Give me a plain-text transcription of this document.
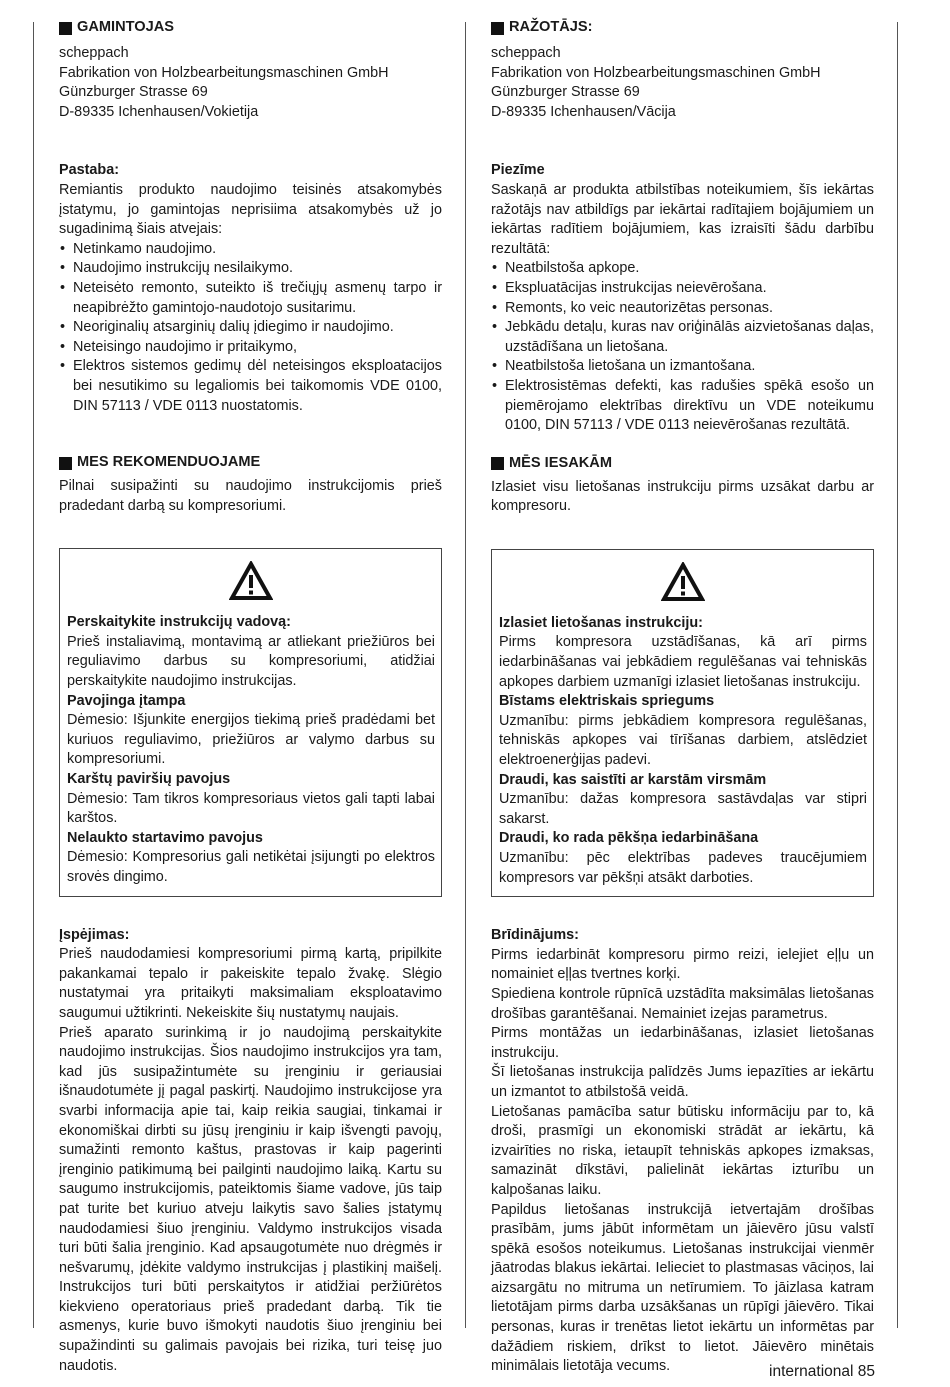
GAMINTOJAS
scheppach
Fabrikation von Holzbearbeitungsmaschinen GmbH
Günzburger Strasse 69
D-89335 Ichenhausen/Vokietija

Pastaba:

Remiantis produkto naudojimo teisinės atsakomybės įstatymu, jo gamintojas neprisiima atsakomybės už jo sugadinimą šiais atvejais:

• Netinkamo naudojimo.
• Naudojimo instrukcijų nesilaikymo.
• Neteisėto remonto, suteikto iš trečiųjų asmenų tarpo ir neapibrėžto gamintojo-naudotojo susitarimu.
• Neoriginalių atsarginių dalių įdiegimo ir naudojimo.
• Neteisingo naudojimo ir pritaikymo,
• Elektros sistemos gedimų dėl neteisingos eksploatacijos bei nesutikimo su legaliomis bei taikomomis VDE 0100, DIN 57113 / VDE 0113 nuostatomis.
MES REKOMENDUOJAME

Pilnai susipažinti su naudojimo instrukcijomis prieš pradedant darbą su kompresoriumi.

Perskaitykite instrukcijų vadovą:

Prieš instaliavimą, montavimą ar atliekant priežiūros bei reguliavimo darbus su kompresoriumi, atidžiai perskaitykite naudojimo instrukcijas.

Pavojinga įtampa

Dėmesio: Išjunkite energijos tiekimą prieš pradėdami bet kuriuos reguliavimo, priežiūros ar valymo darbus su kompresoriumi.

Karštų paviršių pavojus

Dėmesio: Tam tikros kompresoriaus vietos gali tapti labai karštos.

Nelaukto startavimo pavojus

Dėmesio: Kompresorius gali netikėtai įsijungti po elektros srovės dingimo.

Įspėjimas:

Prieš naudodamiesi kompresoriumi pirmą kartą, pripilkite pakankamai tepalo ir pakeiskite tepalo žvakę. Slėgio nustatymai yra pritaikyti maksimaliam eksploatavimo saugumui užtikrinti. Nekeiskite šių nustatymų naujais.

Prieš aparato surinkimą ir jo naudojimą perskaitykite naudojimo instrukcijas. Šios naudojimo instrukcijos yra tam, kad jūs susipažintumėte su įrenginiu ir geriausiai išnaudotumėte jį pagal paskirtį. Naudojimo instrukcijose yra svarbi informacija apie tai, kaip reikia saugiai, tinkamai ir ekonomiškai dirbti su jūsų įrenginiu ir kaip išvengti pavojų, sumažinti remonto kaštus, prastovas ir kaip pagerinti įrenginio patikimumą bei pailginti naudojimo laiką. Kartu su saugumo instrukcijomis, pateiktomis šiame vadove, jūs taip pat turite bet kuriuo atveju laikytis savo šalies įstatymų naudodamiesi šiuo įrenginiu. Valdymo instrukcijos visada turi būti šalia įrenginio. Kad apsaugotumėte nuo drėgmės ir nešvarumų, įdėkite valdymo instrukcijas į plastikinį maišelį. Instrukcijos turi būti perskaitytos ir atidžiai peržiūrėtos kiekvieno operatoriaus prieš pradedant darbą. Tik tie asmenys, kurie buvo išmokyti naudotis šiuo įrenginiu bei supažindinti su galimais pavojais bei rizika, turi teisę juo naudotis.

RAŽOTĀJS:
scheppach
Fabrikation von Holzbearbeitungsmaschinen GmbH
Günzburger Strasse 69
D-89335 Ichenhausen/Vācija

Piezīme

Saskaņā ar produkta atbilstības noteikumiem, šīs iekārtas ražotājs nav atbildīgs par iekārtai radītajiem bojājumiem un iekārtas radītiem bojājumiem, kas izraisīti šādu darbību rezultātā:

• Neatbilstoša apkope.
• Ekspluatācijas instrukcijas neievērošana.
• Remonts, ko veic neautorizētas personas.
• Jebkādu detaļu, kuras nav oriģinālās aizvietošanas daļas, uzstādīšana un lietošana.
• Neatbilstoša lietošana un izmantošana.
• Elektrosistēmas defekti, kas radušies spēkā esošo un piemērojamo elektrības direktīvu un VDE noteikumu 0100, DIN 57113 / VDE 0113 neievērošanas rezultātā.
MĒS IESAKĀM

Izlasiet visu lietošanas instrukciju pirms uzsākat darbu ar kompresoru.

Izlasiet lietošanas instrukciju:

Pirms kompresora uzstādīšanas, kā arī pirms iedarbināšanas vai jebkādiem regulēšanas vai tehniskās apkopes darbiem uzmanīgi izlasiet lietošanas instrukciju.

Bīstams elektriskais spriegums

Uzmanību: pirms jebkādiem kompresora regulēšanas, tehniskās apkopes vai tīrīšanas darbiem, atslēdziet elektroenerģijas padevi.

Draudi, kas saistīti ar karstām virsmām

Uzmanību: dažas kompresora sastāvdaļas var stipri sakarst.

Draudi, ko rada pēkšņa iedarbināšana

Uzmanību: pēc elektrības padeves traucējumiem kompresors var pēkšņi atsākt darboties.

Brīdinājums:

Pirms iedarbināt kompresoru pirmo reizi, ielejiet eļļu un nomainiet eļļas tvertnes korķi.

Spiediena kontrole rūpnīcā uzstādīta maksimālas lietošanas drošības garantēšanai. Nemainiet izejas parametrus.

Pirms montāžas un iedarbināšanas, izlasiet lietošanas instrukciju.

Šī lietošanas instrukcija palīdzēs Jums iepazīties ar iekārtu un izmantot to atbilstošā veidā.

Lietošanas pamācība satur būtisku informāciju par to, kā droši, prasmīgi un ekonomiski strādāt ar iekārtu, kā izvairīties no riska, ietaupīt tehniskās apkopes izmaksas, samazināt dīkstāvi, palielināt iekārtas izturību un kalpošanas laiku.

Papildus lietošanas instrukcijā ietvertajām drošības prasībām, jums jābūt informētam un jāievēro jūsu valstī spēkā esošos noteikumus. Lietošanas instrukcijai vienmēr jāatrodas blakus iekārtai. Ielieciet to plastmasas vāciņos, lai aizsargātu no mitruma un netīrumiem. To jāizlasa katram lietotājam pirms darba uzsākšanas un rūpīgi jāievēro. Tikai personas, kuras ir trenētas lietot iekārtu un informētas par dažādiem riskiem, drīkst to lietot. Jāievēro minētais minimālais lietotāja vecums.	international 85
